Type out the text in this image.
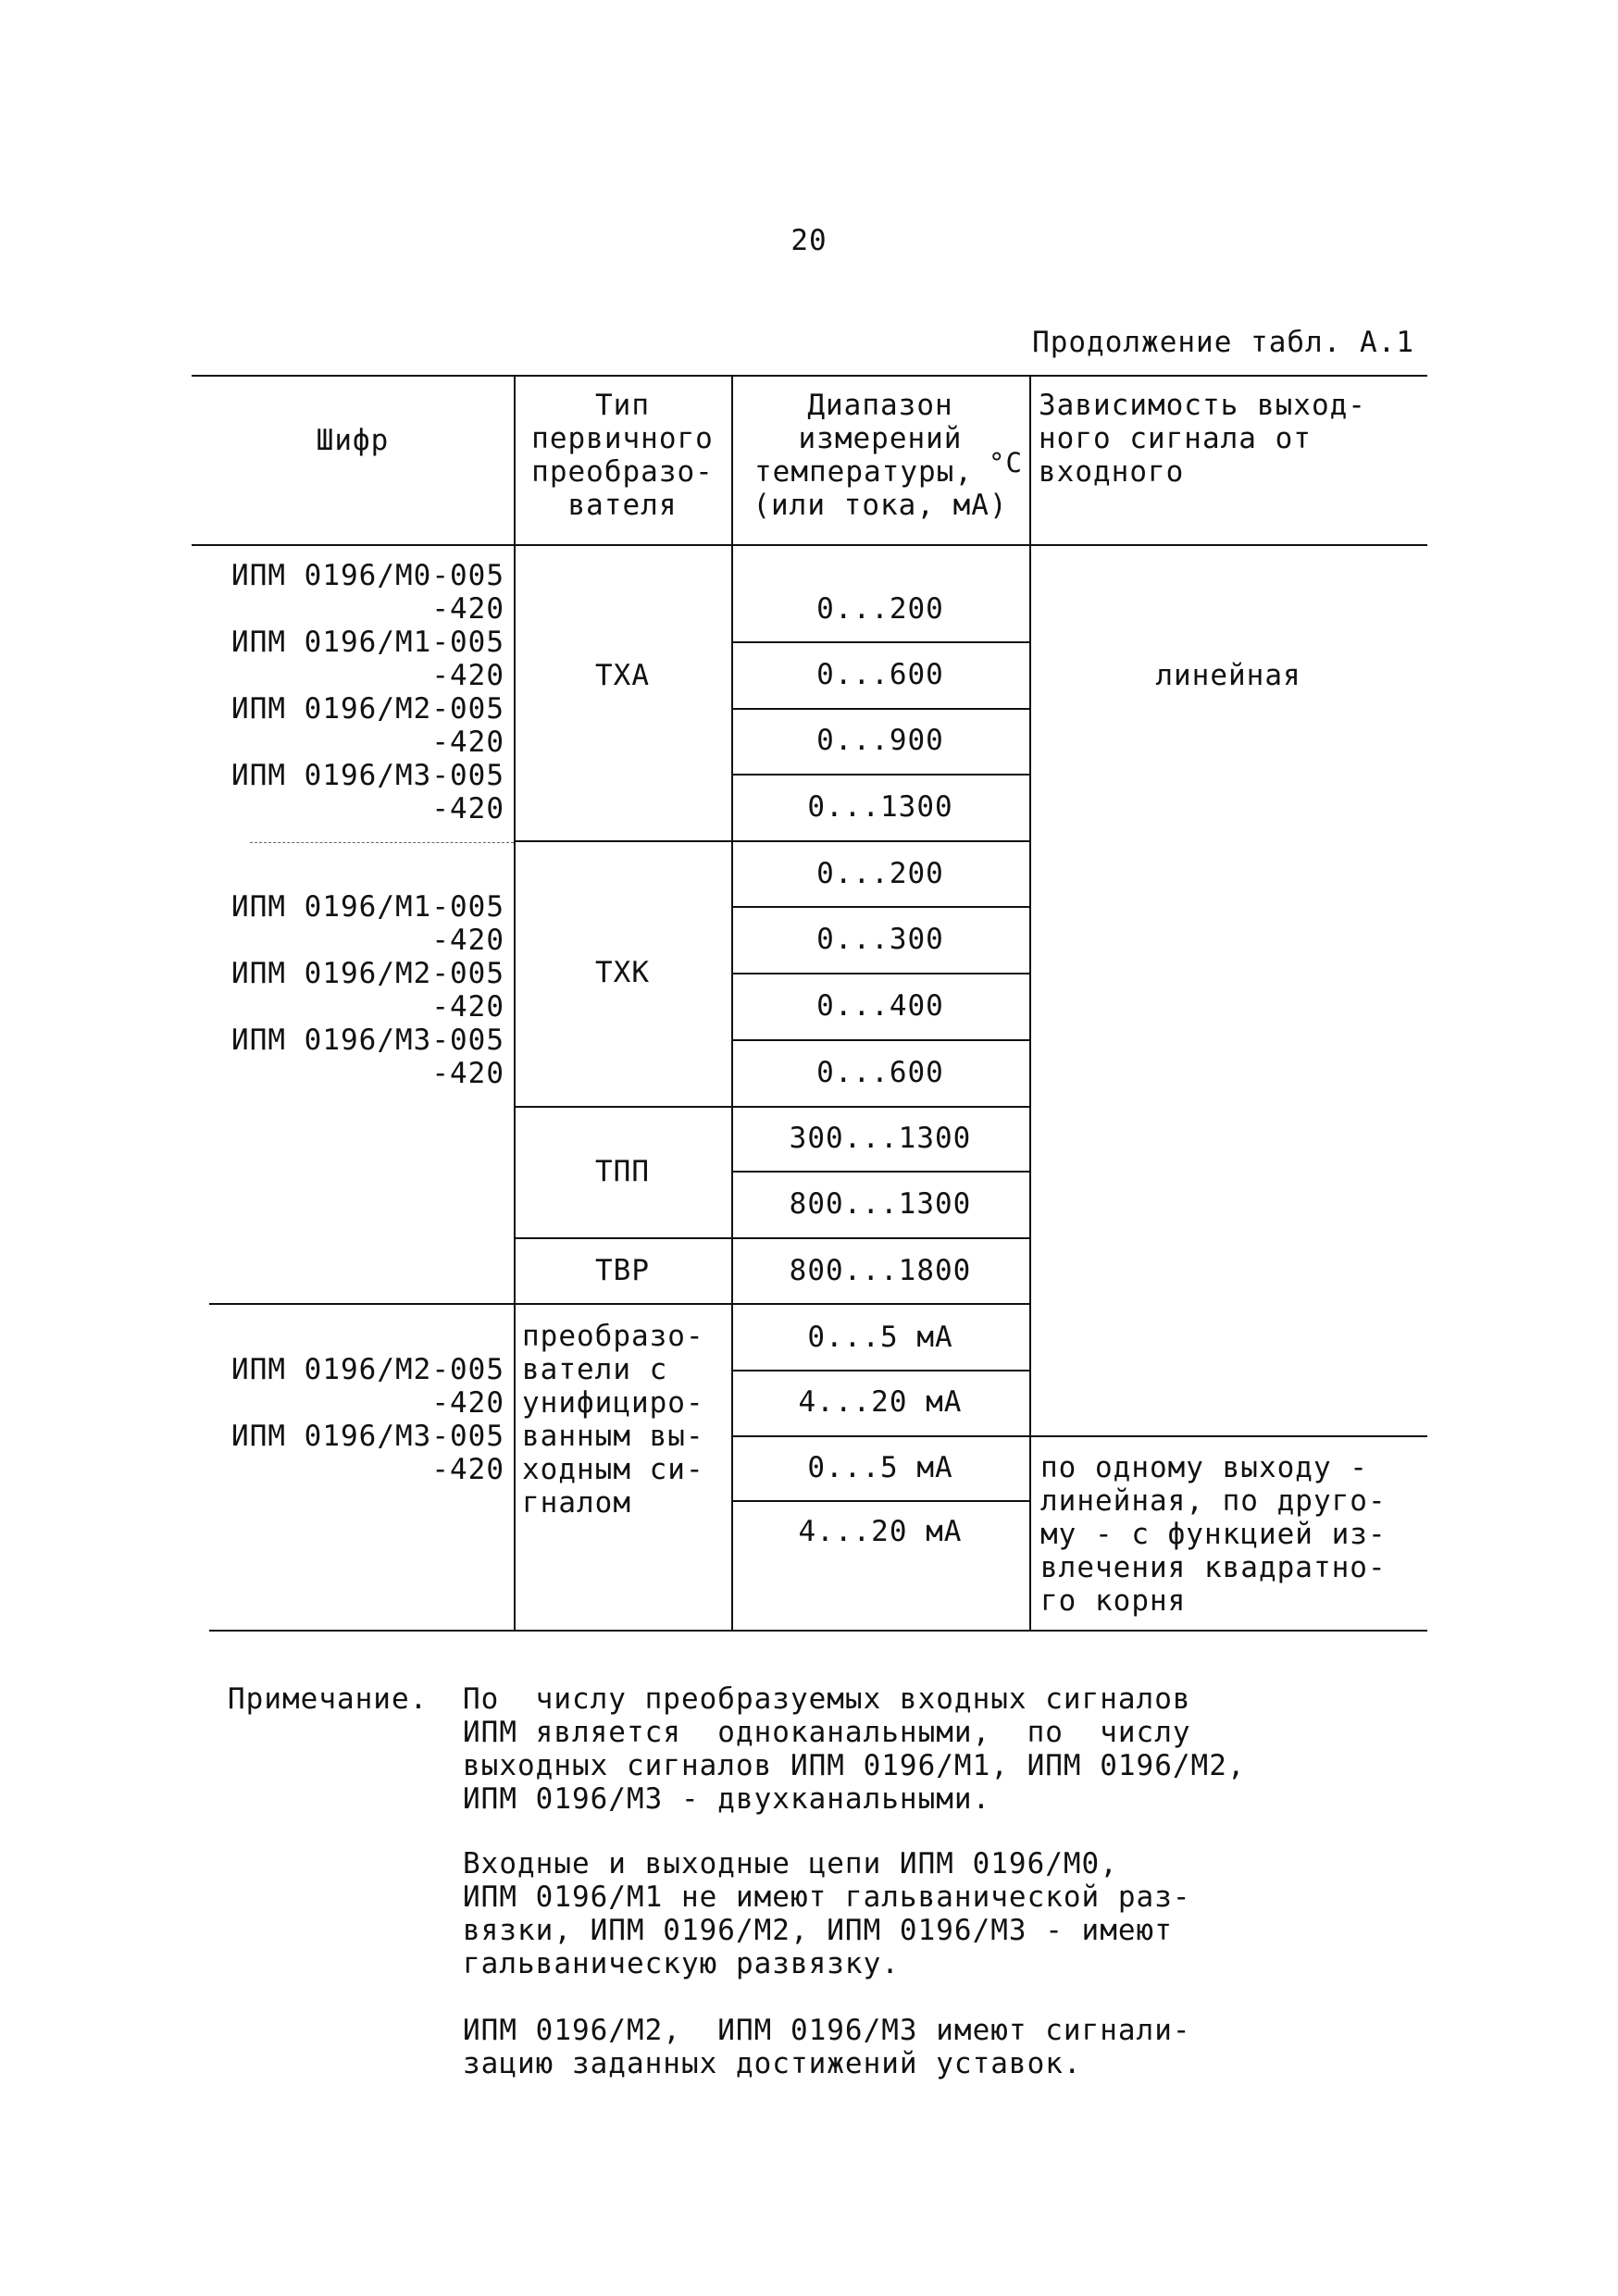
20
Продолжение табл. А.1
Шифр
Тип
первичного
преобразо-
вателя
Диапазон
измерений
температуры,
(или тока, мА)
°С
Зависимость выход-
ного сигнала от
входного
ИПМ 0196/М0-005
-420
ИПМ 0196/М1-005
-420
ИПМ 0196/М2-005
-420
ИПМ 0196/М3-005
-420
ТХА
0...200
0...600
0...900
0...1300
линейная
ИПМ 0196/М1-005
-420
ИПМ 0196/М2-005
-420
ИПМ 0196/М3-005
-420
ТХК
0...200
0...300
0...400
0...600
ТПП
300...1300
800...1300
ТВР	800...1800
ИПМ 0196/М2-005
-420
ИПМ 0196/М3-005
-420
преобразо-
ватели с
унифициро-
ванным вы-
ходным си-
гналом
0...5 мА
4...20 мА
0...5 мА
4...20 мА
по одному выходу -
линейная, по друго-
му - с функцией из-
влечения квадратно-
го корня
Примечание. По  числу преобразуемых входных сигналов
ИПМ является  одноканальными,  по  числу
выходных сигналов ИПМ 0196/М1, ИПМ 0196/М2,
ИПМ 0196/М3 - двухканальными.
Входные и выходные цепи ИПМ 0196/М0,
ИПМ 0196/М1 не имеют гальванической раз-
вязки, ИПМ 0196/М2, ИПМ 0196/М3 - имеют
гальваническую развязку.
ИПМ 0196/М2,  ИПМ 0196/М3 имеют сигнали-
зацию заданных достижений уставок.
